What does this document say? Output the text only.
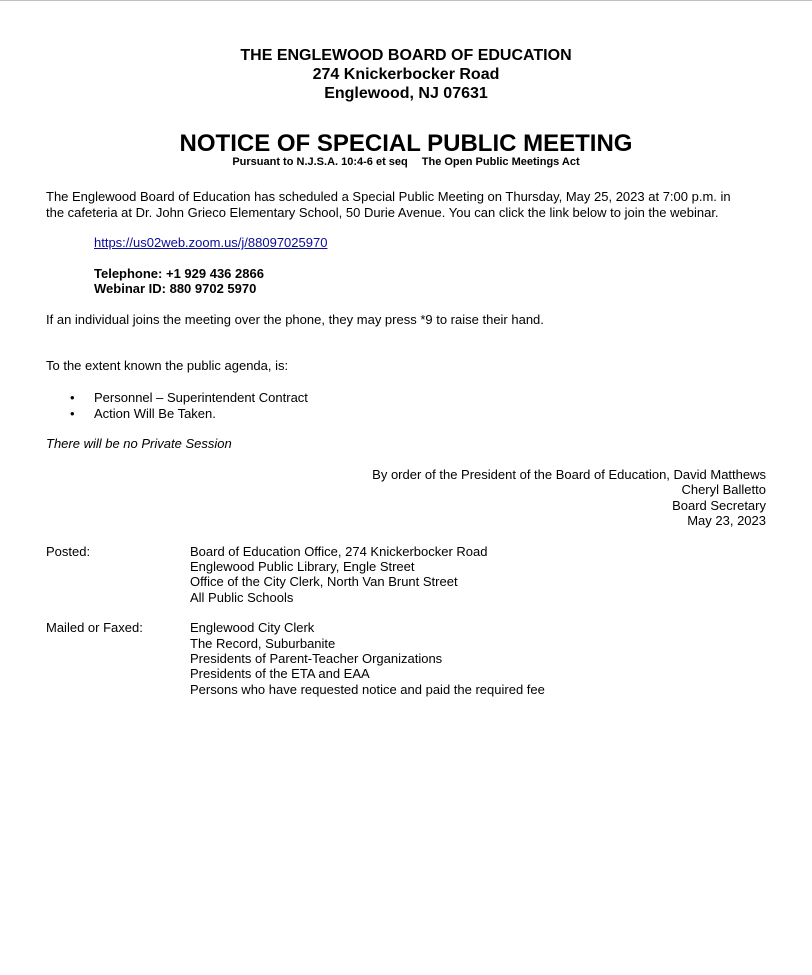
THE ENGLEWOOD BOARD OF EDUCATION
274 Knickerbocker Road
Englewood, NJ 07631
NOTICE OF SPECIAL PUBLIC MEETING
Pursuant to N.J.S.A. 10:4-6 et seq The Open Public Meetings Act
The Englewood Board of Education has scheduled a Special Public Meeting on Thursday, May 25, 2023 at 7:00 p.m. in
the cafeteria at Dr. John Grieco Elementary School, 50 Durie Avenue. You can click the link below to join the webinar.
https://us02web.zoom.us/j/88097025970
Telephone: +1 929 436 2866
Webinar ID: 880 9702 5970
If an individual joins the meeting over the phone, they may press *9 to raise their hand.
To the extent known the public agenda, is:
• Personnel – Superintendent Contract
• Action Will Be Taken.
There will be no Private Session
By order of the President of the Board of Education, David Matthews
Cheryl Balletto
Board Secretary
May 23, 2023
Posted:	Board of Education Office, 274 Knickerbocker Road
Englewood Public Library, Engle Street
Office of the City Clerk, North Van Brunt Street
All Public Schools
Mailed or Faxed:	Englewood City Clerk
The Record, Suburbanite
Presidents of Parent-Teacher Organizations
Presidents of the ETA and EAA
Persons who have requested notice and paid the required fee
